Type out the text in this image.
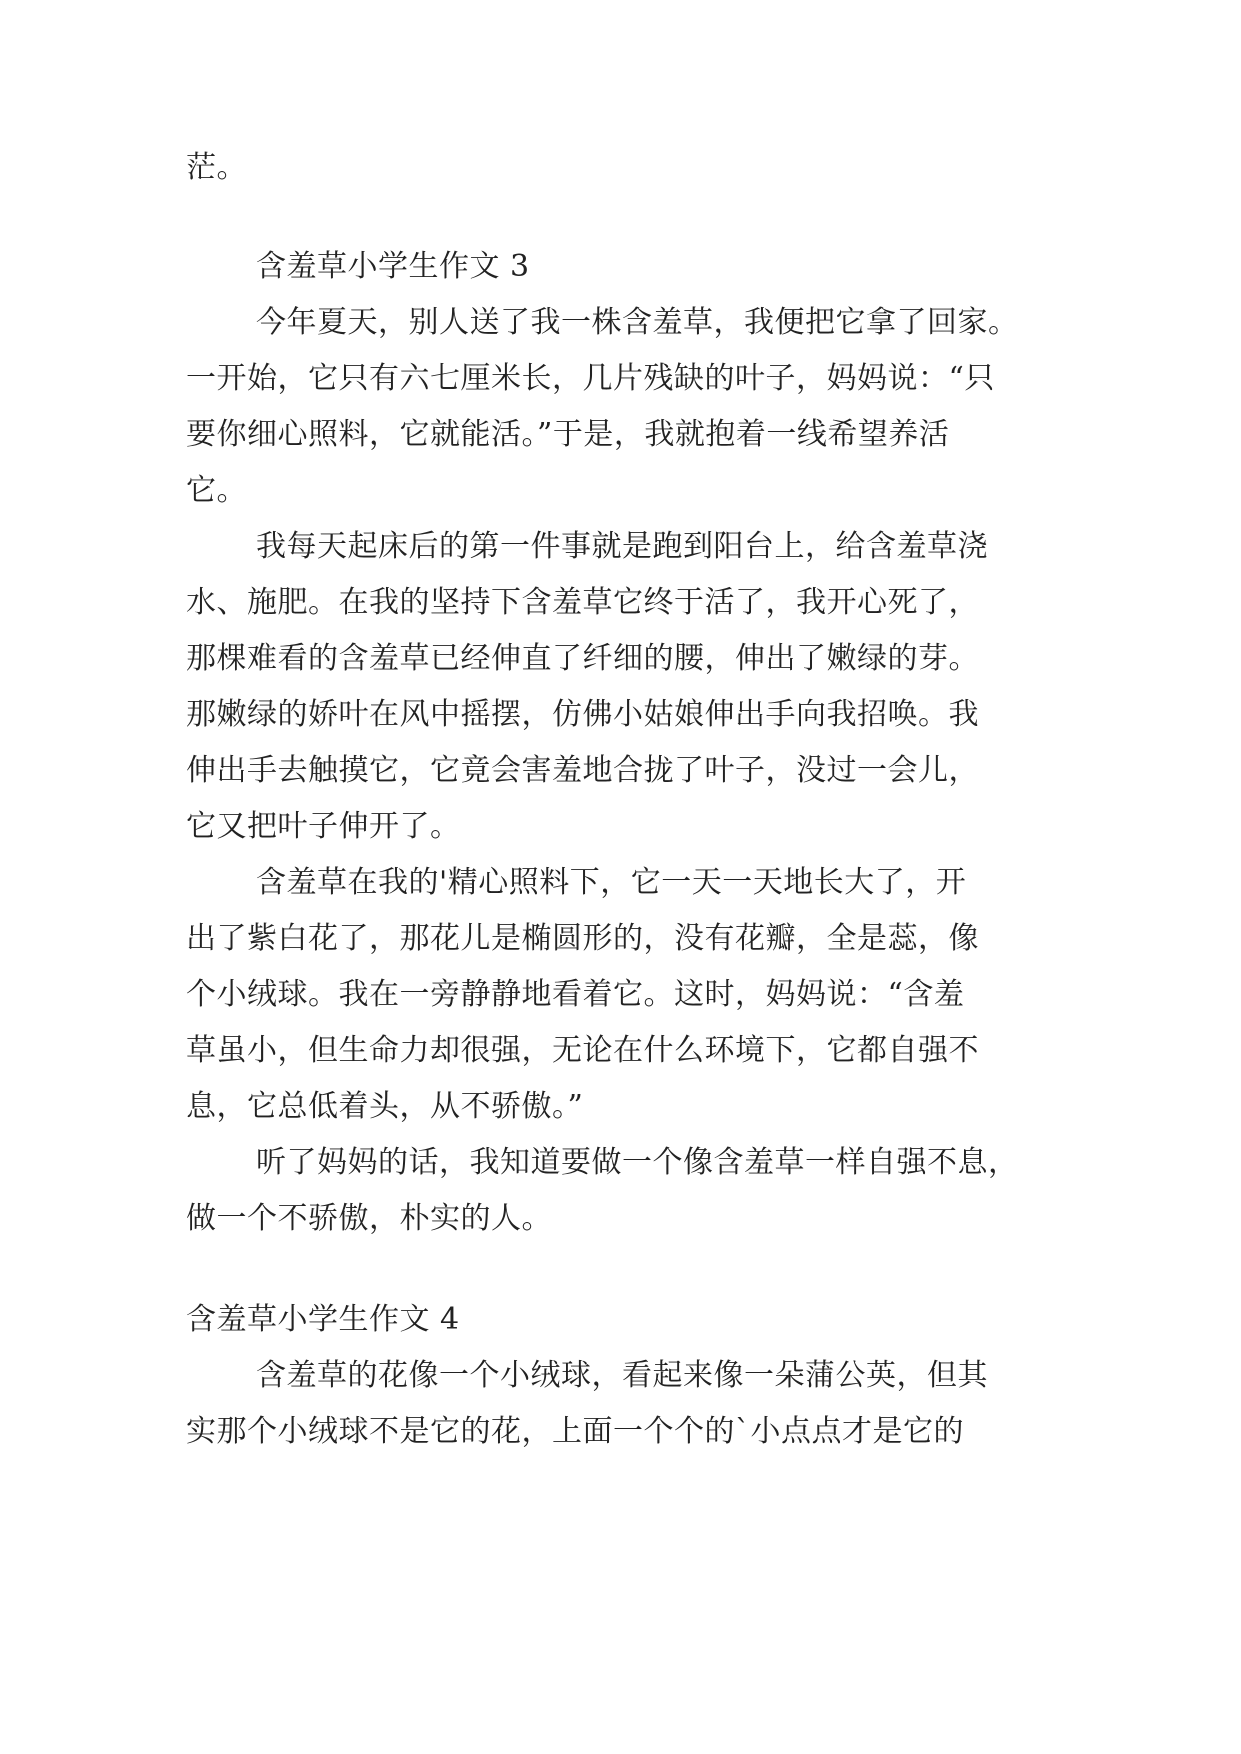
茫。
含羞草小学生作文 3
今年夏天，别人送了我一株含羞草，我便把它拿了回家。
一开始，它只有六七厘米长，几片残缺的叶子，妈妈说：“只
要你细心照料，它就能活。”于是，我就抱着一线希望养活
它。
我每天起床后的第一件事就是跑到阳台上，给含羞草浇
水、施肥。在我的坚持下含羞草它终于活了，我开心死了，
那棵难看的含羞草已经伸直了纤细的腰，伸出了嫩绿的芽。
那嫩绿的娇叶在风中摇摆，仿佛小姑娘伸出手向我招唤。我
伸出手去触摸它，它竟会害羞地合拢了叶子，没过一会儿，
它又把叶子伸开了。
含羞草在我的'精心照料下，它一天一天地长大了，开
出了紫白花了，那花儿是椭圆形的，没有花瓣，全是蕊，像
个小绒球。我在一旁静静地看着它。这时，妈妈说：“含羞
草虽小，但生命力却很强，无论在什么环境下，它都自强不
息，它总低着头，从不骄傲。”
听了妈妈的话，我知道要做一个像含羞草一样自强不息，
做一个不骄傲，朴实的人。
含羞草小学生作文 4
含羞草的花像一个小绒球，看起来像一朵蒲公英，但其
实那个小绒球不是它的花，上面一个个的`小点点才是它的
